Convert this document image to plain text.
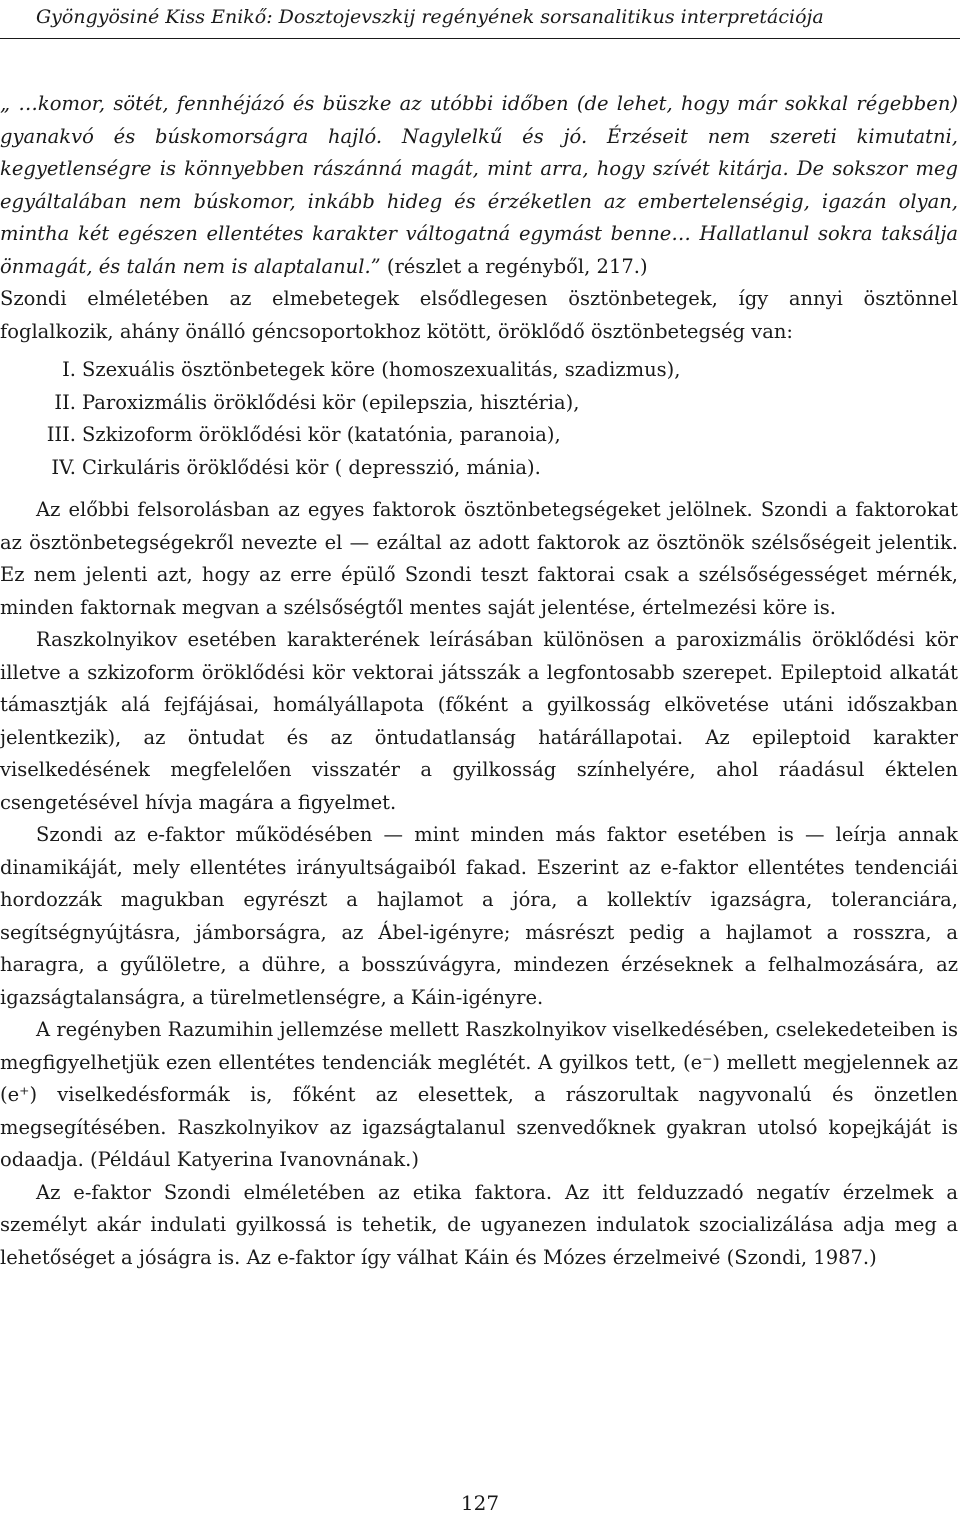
Gyöngyösiné Kiss Enikő: Dosztojevszkij regényének sorsanalitikus interpretációja

„ …komor, sötét, fennhéjázó és büszke az utóbbi időben (de lehet, hogy már sokkal régebben) gyanakvó és búskomorságra hajló. Nagylelkű és jó. Érzéseit nem szereti kimutatni, kegyetlenségre is könnyebben rászánná magát, mint arra, hogy szívét kitárja. De sokszor meg egyáltalában nem búskomor, inkább hideg és érzéketlen az embertelenségig, igazán olyan, mintha két egészen ellentétes karakter váltogatná egymást benne… Hallatlanul sokra taksálja önmagát, és talán nem is alaptalanul.” (részlet a regényből, 217.)

Szondi elméletében az elmebetegek elsődlegesen ösztönbetegek, így annyi ösztönnel foglalkozik, ahány önálló géncsoportokhoz kötött, öröklődő ösztönbetegség van:

I. Szexuális ösztönbetegek köre (homoszexualitás, szadizmus),
II. Paroxizmális öröklődési kör (epilepszia, hisztéria),
III. Szkizoform öröklődési kör (katatónia, paranoia),
IV. Cirkuláris öröklődési kör ( depresszió, mánia).

Az előbbi felsorolásban az egyes faktorok ösztönbetegségeket jelölnek. Szondi a faktorokat az ösztönbetegségekről nevezte el — ezáltal az adott faktorok az ösztönök szélsőségeit jelentik. Ez nem jelenti azt, hogy az erre épülő Szondi teszt faktorai csak a szélsőségességet mérnék, minden faktornak megvan a szélsőségtől mentes saját jelentése, értelmezési köre is.

Raszkolnyikov esetében karakterének leírásában különösen a paroxizmális öröklődési kör illetve a szkizoform öröklődési kör vektorai játsszák a legfontosabb szerepet. Epileptoid alkatát támasztják alá fejfájásai, homályállapota (főként a gyilkosság elkövetése utáni időszakban jelentkezik), az öntudat és az öntudatlanság határállapotai. Az epileptoid karakter viselkedésének megfelelően visszatér a gyilkosság színhelyére, ahol ráadásul éktelen csengetésével hívja magára a figyelmet.

Szondi az e-faktor működésében — mint minden más faktor esetében is — leírja annak dinamikáját, mely ellentétes irányultságaiból fakad. Eszerint az e-faktor ellentétes tendenciái hordozzák magukban egyrészt a hajlamot a jóra, a kollektív igazságra, toleranciára, segítségnyújtásra, jámborságra, az Ábel-igényre; másrészt pedig a hajlamot a rosszra, a haragra, a gyűlöletre, a dühre, a bosszúvágyra, mindezen érzéseknek a felhalmozására, az igazságtalanságra, a türelmetlenségre, a Káin-igényre.

A regényben Razumihin jellemzése mellett Raszkolnyikov viselkedésében, cselekedeteiben is megfigyelhetjük ezen ellentétes tendenciák meglétét. A gyilkos tett, (e⁻) mellett megjelennek az (e⁺) viselkedésformák is, főként az elesettek, a rászorultak nagyvonalú és önzetlen megsegítésében. Raszkolnyikov az igazságtalanul szenvedőknek gyakran utolsó kopejkáját is odaadja. (Például Katyerina Ivanovnának.)

Az e-faktor Szondi elméletében az etika faktora. Az itt felduzzadó negatív érzelmek a személyt akár indulati gyilkossá is tehetik, de ugyanezen indulatok szocializálása adja meg a lehetőséget a jóságra is. Az e-faktor így válhat Káin és Mózes érzelmeivé (Szondi, 1987.)

127
